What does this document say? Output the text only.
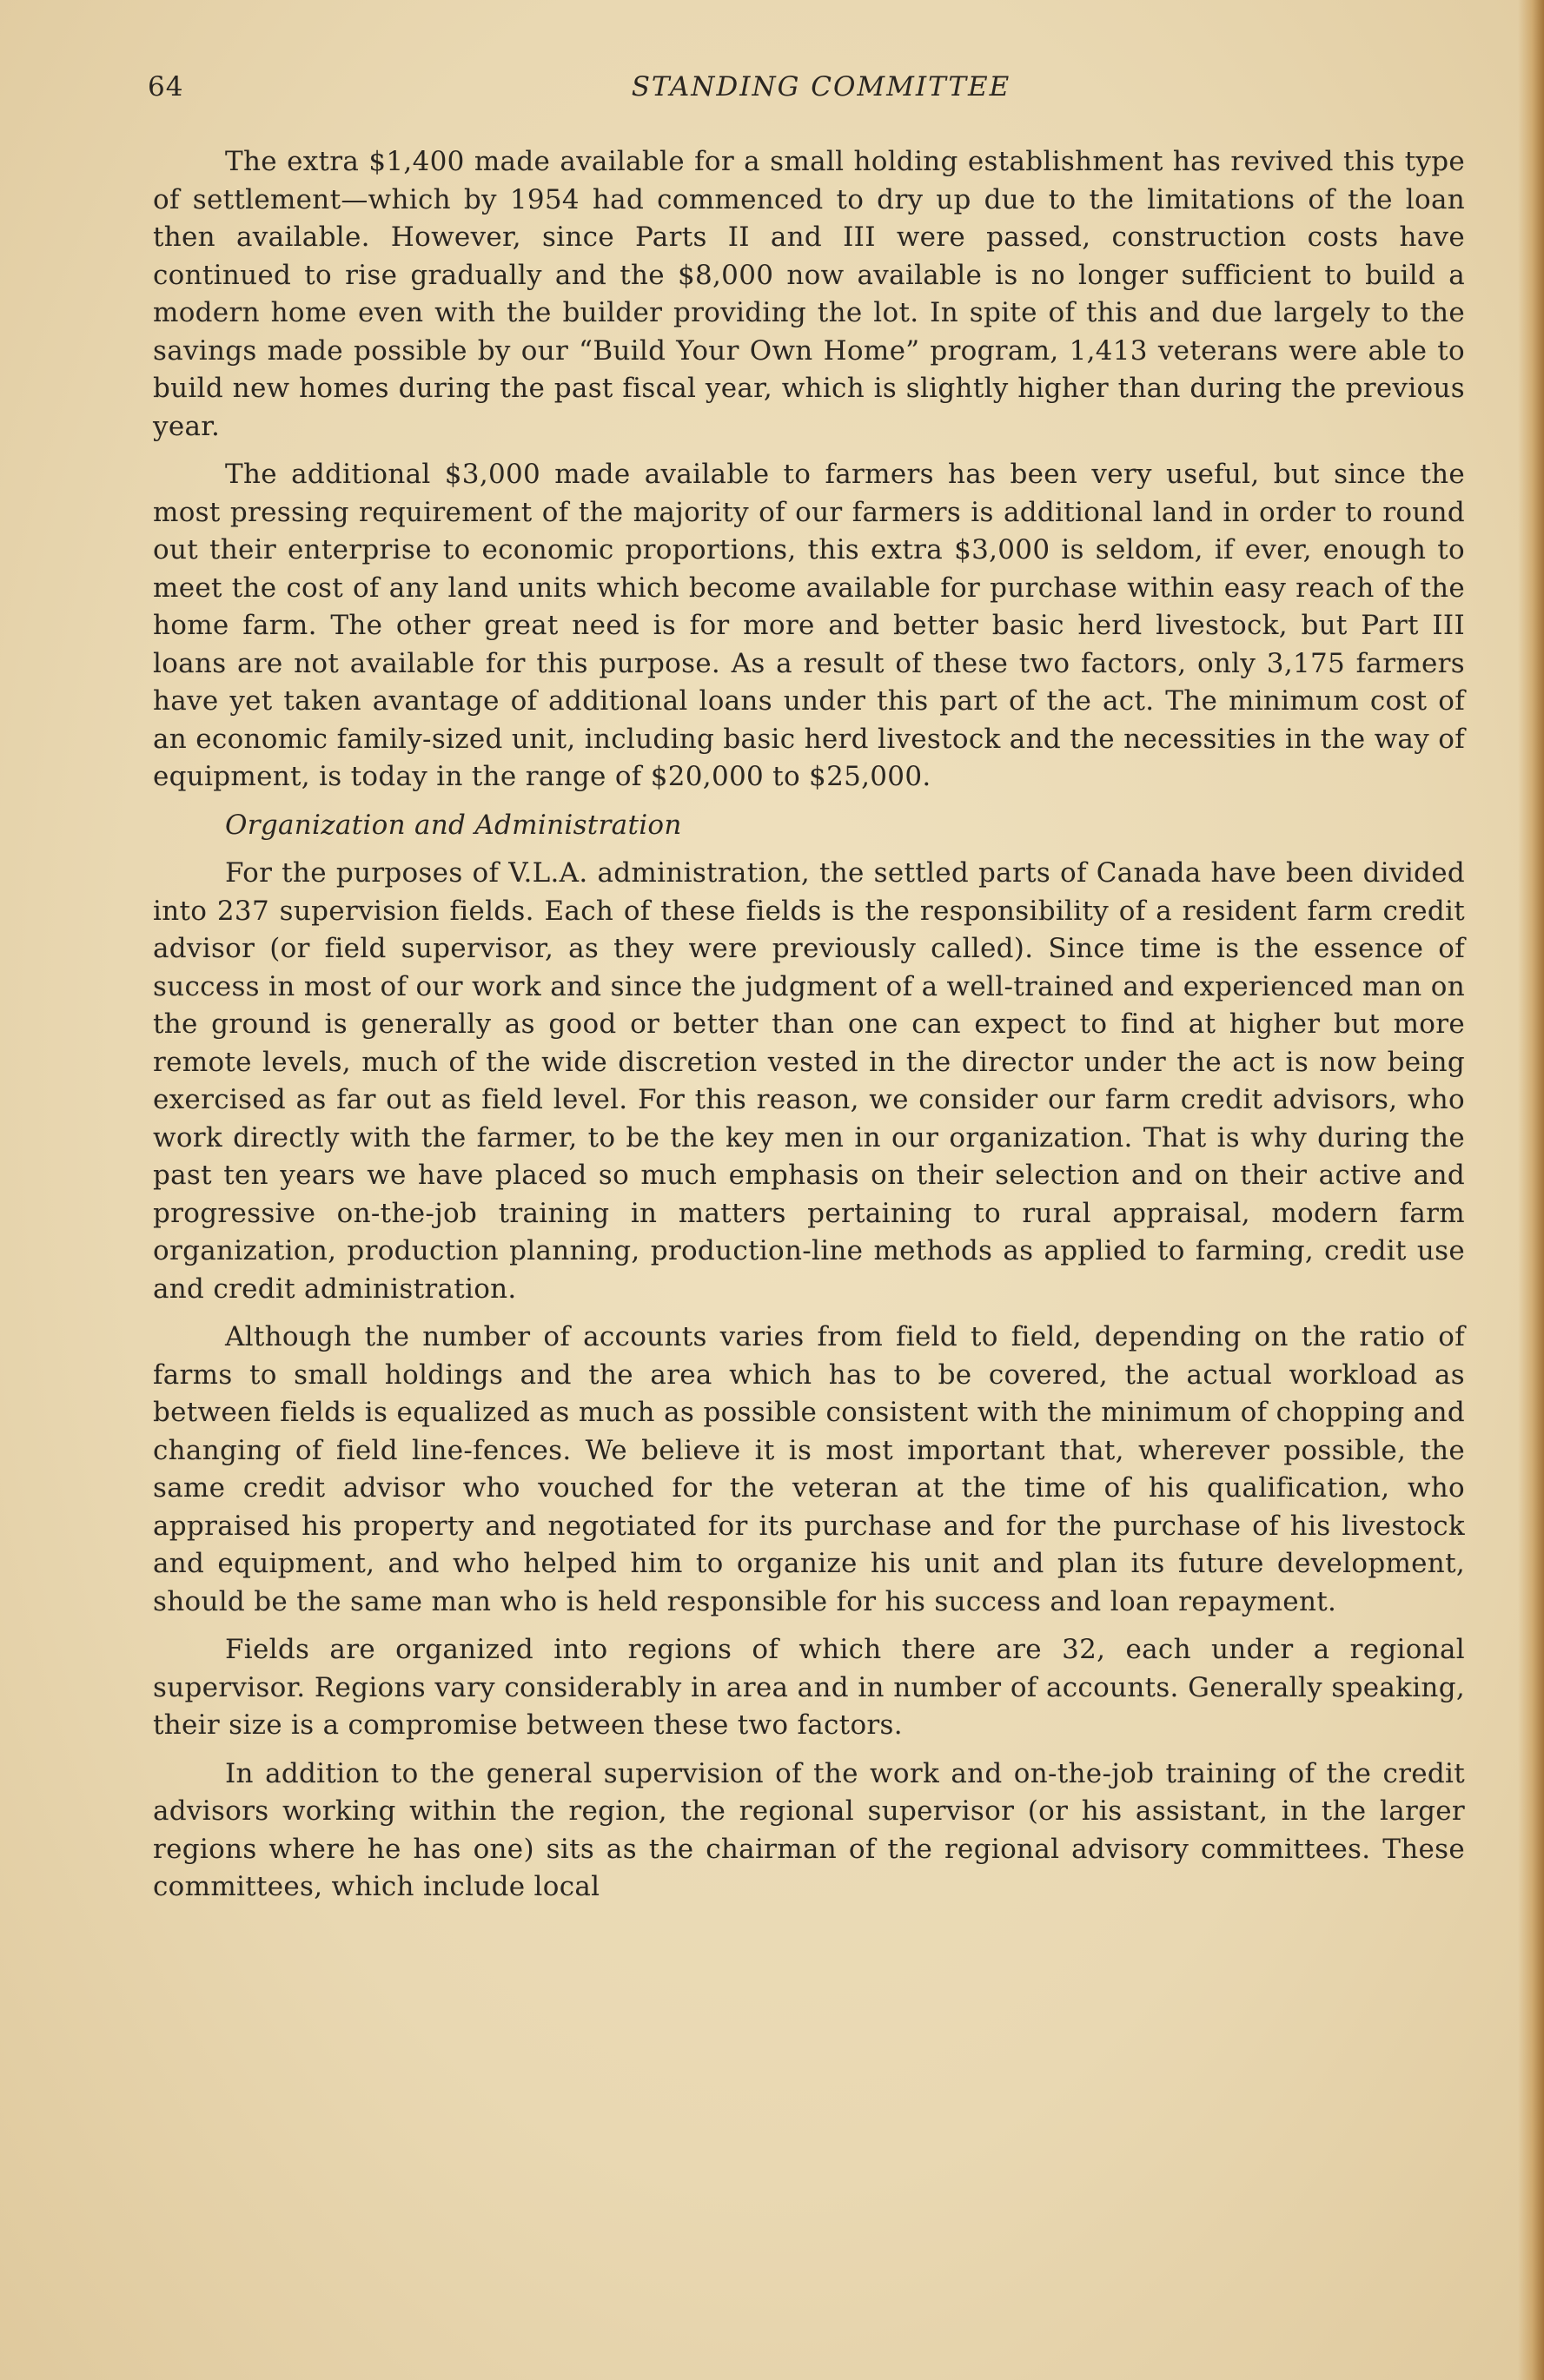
64	STANDING COMMITTEE

The extra $1,400 made available for a small holding establishment has revived this type of settlement—which by 1954 had commenced to dry up due to the limitations of the loan then available. However, since Parts II and III were passed, construction costs have continued to rise gradually and the $8,000 now available is no longer sufficient to build a modern home even with the builder providing the lot. In spite of this and due largely to the savings made possible by our “Build Your Own Home” program, 1,413 veterans were able to build new homes during the past fiscal year, which is slightly higher than during the previous year.

The additional $3,000 made available to farmers has been very useful, but since the most pressing requirement of the majority of our farmers is additional land in order to round out their enterprise to economic proportions, this extra $3,000 is seldom, if ever, enough to meet the cost of any land units which become available for purchase within easy reach of the home farm. The other great need is for more and better basic herd livestock, but Part III loans are not available for this purpose. As a result of these two factors, only 3,175 farmers have yet taken avantage of additional loans under this part of the act. The minimum cost of an economic family-sized unit, including basic herd livestock and the necessities in the way of equipment, is today in the range of $20,000 to $25,000.

Organization and Administration

For the purposes of V.L.A. administration, the settled parts of Canada have been divided into 237 supervision fields. Each of these fields is the responsibility of a resident farm credit advisor (or field supervisor, as they were previously called). Since time is the essence of success in most of our work and since the judgment of a well-trained and experienced man on the ground is generally as good or better than one can expect to find at higher but more remote levels, much of the wide discretion vested in the director under the act is now being exercised as far out as field level. For this reason, we consider our farm credit advisors, who work directly with the farmer, to be the key men in our organization. That is why during the past ten years we have placed so much emphasis on their selection and on their active and progressive on-the-job training in matters pertaining to rural appraisal, modern farm organization, production planning, production-line methods as applied to farming, credit use and credit administration.

Although the number of accounts varies from field to field, depending on the ratio of farms to small holdings and the area which has to be covered, the actual workload as between fields is equalized as much as possible consistent with the minimum of chopping and changing of field line-fences. We believe it is most important that, wherever possible, the same credit advisor who vouched for the veteran at the time of his qualification, who appraised his property and negotiated for its purchase and for the purchase of his livestock and equipment, and who helped him to organize his unit and plan its future development, should be the same man who is held responsible for his success and loan repayment.

Fields are organized into regions of which there are 32, each under a regional supervisor. Regions vary considerably in area and in number of accounts. Generally speaking, their size is a compromise between these two factors.

In addition to the general supervision of the work and on-the-job training of the credit advisors working within the region, the regional supervisor (or his assistant, in the larger regions where he has one) sits as the chairman of the regional advisory committees. These committees, which include local
